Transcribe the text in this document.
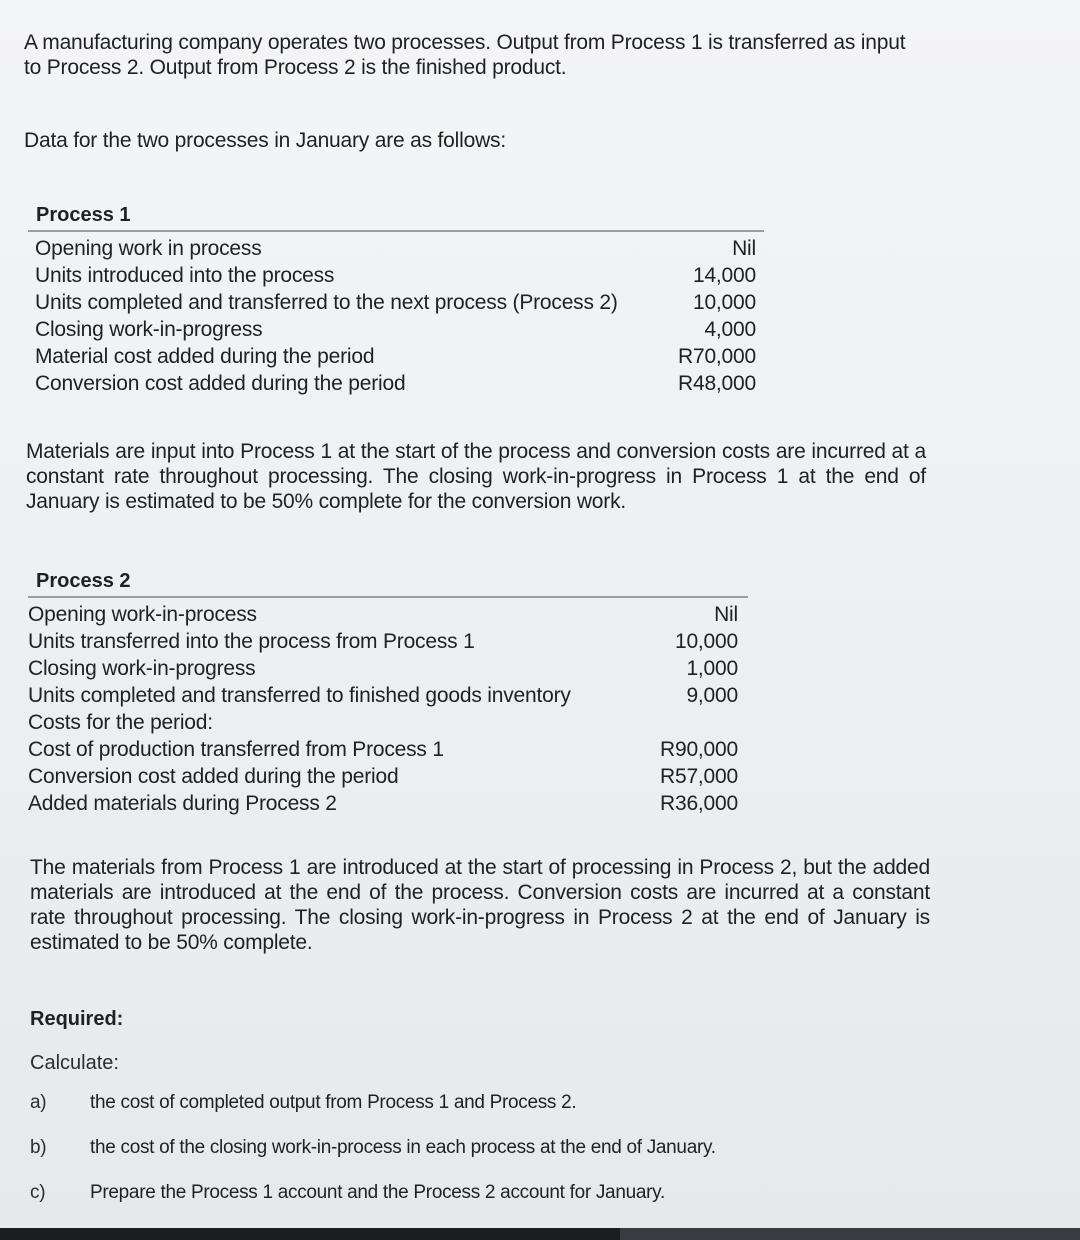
A manufacturing company operates two processes. Output from Process 1 is transferred as input to Process 2. Output from Process 2 is the finished product.
Data for the two processes in January are as follows:
Process 1
Opening work in process	Nil
Units introduced into the process	14,000
Units completed and transferred to the next process (Process 2)	10,000
Closing work-in-progress	4,000
Material cost added during the period	R70,000
Conversion cost added during the period	R48,000
Materials are input into Process 1 at the start of the process and conversion costs are incurred at a constant rate throughout processing. The closing work-in-progress in Process 1 at the end of January is estimated to be 50% complete for the conversion work.
Process 2
Opening work-in-process	Nil
Units transferred into the process from Process 1	10,000
Closing work-in-progress	1,000
Units completed and transferred to finished goods inventory	9,000
Costs for the period:
Cost of production transferred from Process 1	R90,000
Conversion cost added during the period	R57,000
Added materials during Process 2	R36,000
The materials from Process 1 are introduced at the start of processing in Process 2, but the added materials are introduced at the end of the process. Conversion costs are incurred at a constant rate throughout processing. The closing work-in-progress in Process 2 at the end of January is estimated to be 50% complete.
Required:
Calculate:
a)	the cost of completed output from Process 1 and Process 2.
b)	the cost of the closing work-in-process in each process at the end of January.
c)	Prepare the Process 1 account and the Process 2 account for January.
